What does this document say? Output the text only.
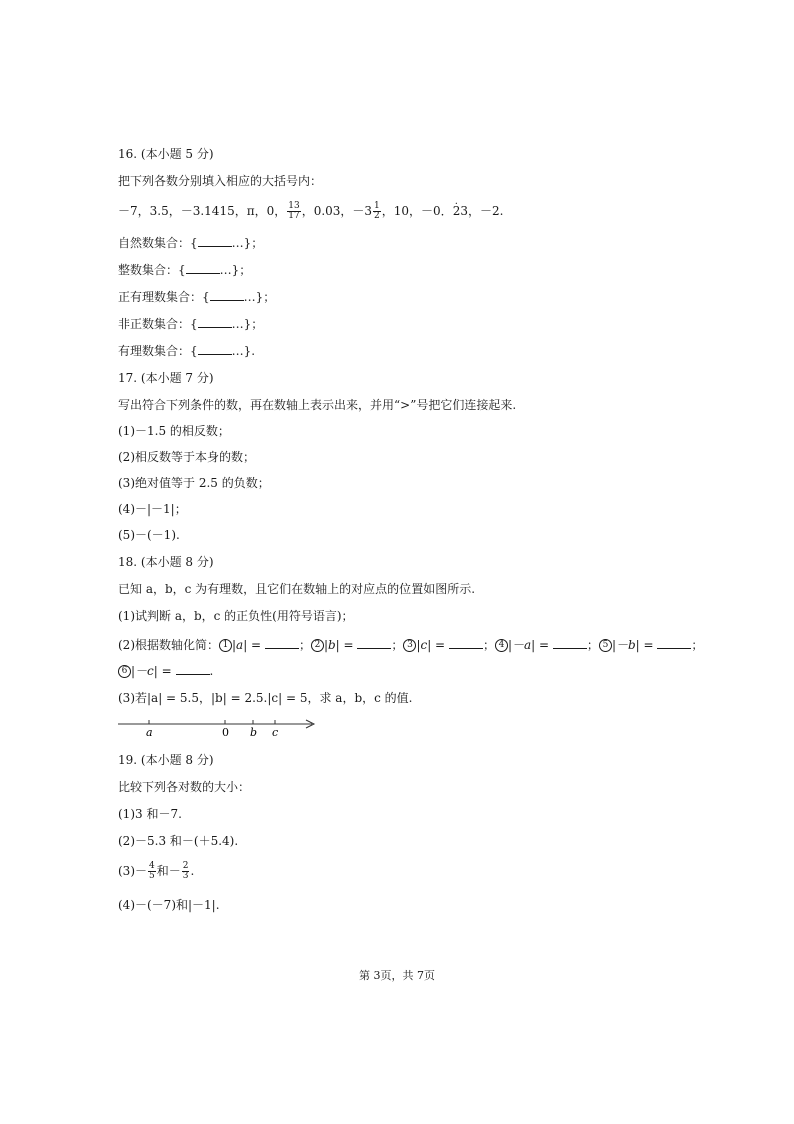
16. (本小题 5 分)
把下列各数分别填入相应的大括号内：
－7，3.5，－3.1415，π，0， $\frac{13}{17}$ ，0.03，$-3 \frac{1}{2}$ ，10，－0．. 23，－2.
自然数集合：{	…}；
整数集合：{	…}；
正有理数集合：{	…}；
非正数集合：{	…}；
有理数集合：{	…}.
17. (本小题 7 分)
写出符合下列条件的数，再在数轴上表示出来，并用“>”号把它们连接起来.
(1)－1.5 的相反数；
(2)相反数等于本身的数；
(3)绝对值等于 2.5 的负数；
(4)－|－1|；
(5)－(－1).
18. (本小题 8 分)
已知 a，b，c 为有理数，且它们在数轴上的对应点的位置如图所示.
(1)试判断 a，b，c 的正负性(用符号语言)；
(2)根据数轴化简： 1 |a| =	； 2 |b| =	； 3 |c| =	； 4 |－a| =	； 5 |－b| =	；
6 |－c| =	.
(3)若|a| = 5.5，|b| = 2.5.|c| = 5，求 a，b，c 的值.
a	0 b c
19. (本小题 8 分)
比较下列各对数的大小：
(1)3 和－7.
(2)－5.3 和－(＋5.4).
$(3)- \frac{4}{5}$ 和－ $\frac{2}{3}$ .
(4)－(－7)和|－1|.
第 3页，共 7页
